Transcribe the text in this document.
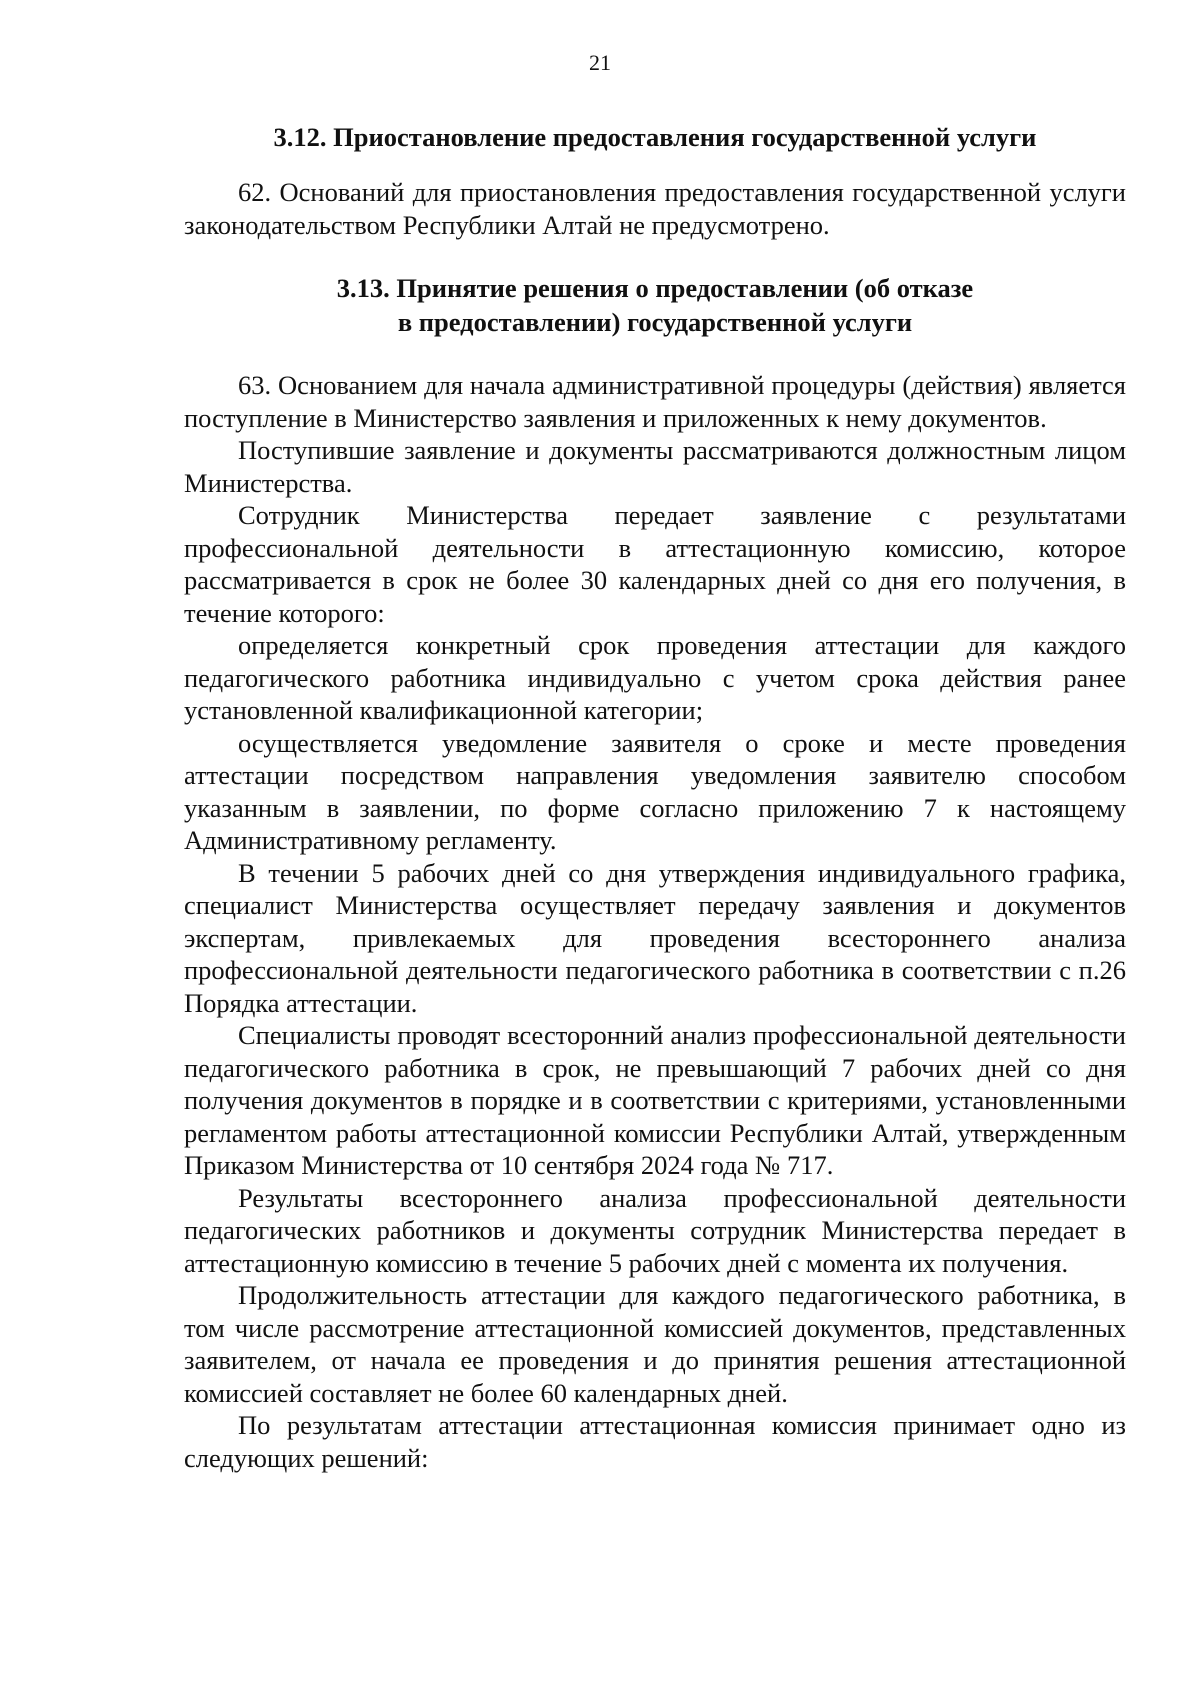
21
3.12. Приостановление предоставления государственной услуги

62. Оснований для приостановления предоставления государственной услуги законодательством Республики Алтай не предусмотрено.

3.13. Принятие решения о предоставлении (об отказе
в предоставлении) государственной услуги

63. Основанием для начала административной процедуры (действия) является поступление в Министерство заявления и приложенных к нему документов.

Поступившие заявление и документы рассматриваются должностным лицом Министерства.

Сотрудник Министерства передает заявление с результатами профессиональной деятельности в аттестационную комиссию, которое рассматривается в срок не более 30 календарных дней со дня его получения, в течение которого:

определяется конкретный срок проведения аттестации для каждого педагогического работника индивидуально с учетом срока действия ранее установленной квалификационной категории;

осуществляется уведомление заявителя о сроке и месте проведения аттестации посредством направления уведомления заявителю способом указанным в заявлении, по форме согласно приложению 7 к настоящему Административному регламенту.

В течении 5 рабочих дней со дня утверждения индивидуального графика, специалист Министерства осуществляет передачу заявления и документов экспертам, привлекаемых для проведения всестороннего анализа профессиональной деятельности педагогического работника в соответствии с п.26 Порядка аттестации.

Специалисты проводят всесторонний анализ профессиональной деятельности педагогического работника в срок, не превышающий 7 рабочих дней со дня получения документов в порядке и в соответствии с критериями, установленными регламентом работы аттестационной комиссии Республики Алтай, утвержденным Приказом Министерства от 10 сентября 2024 года № 717.

Результаты всестороннего анализа профессиональной деятельности педагогических работников и документы сотрудник Министерства передает в аттестационную комиссию в течение 5 рабочих дней с момента их получения.

Продолжительность аттестации для каждого педагогического работника, в том числе рассмотрение аттестационной комиссией документов, представленных заявителем, от начала ее проведения и до принятия решения аттестационной комиссией составляет не более 60 календарных дней.

По результатам аттестации аттестационная комиссия принимает одно из следующих решений:
